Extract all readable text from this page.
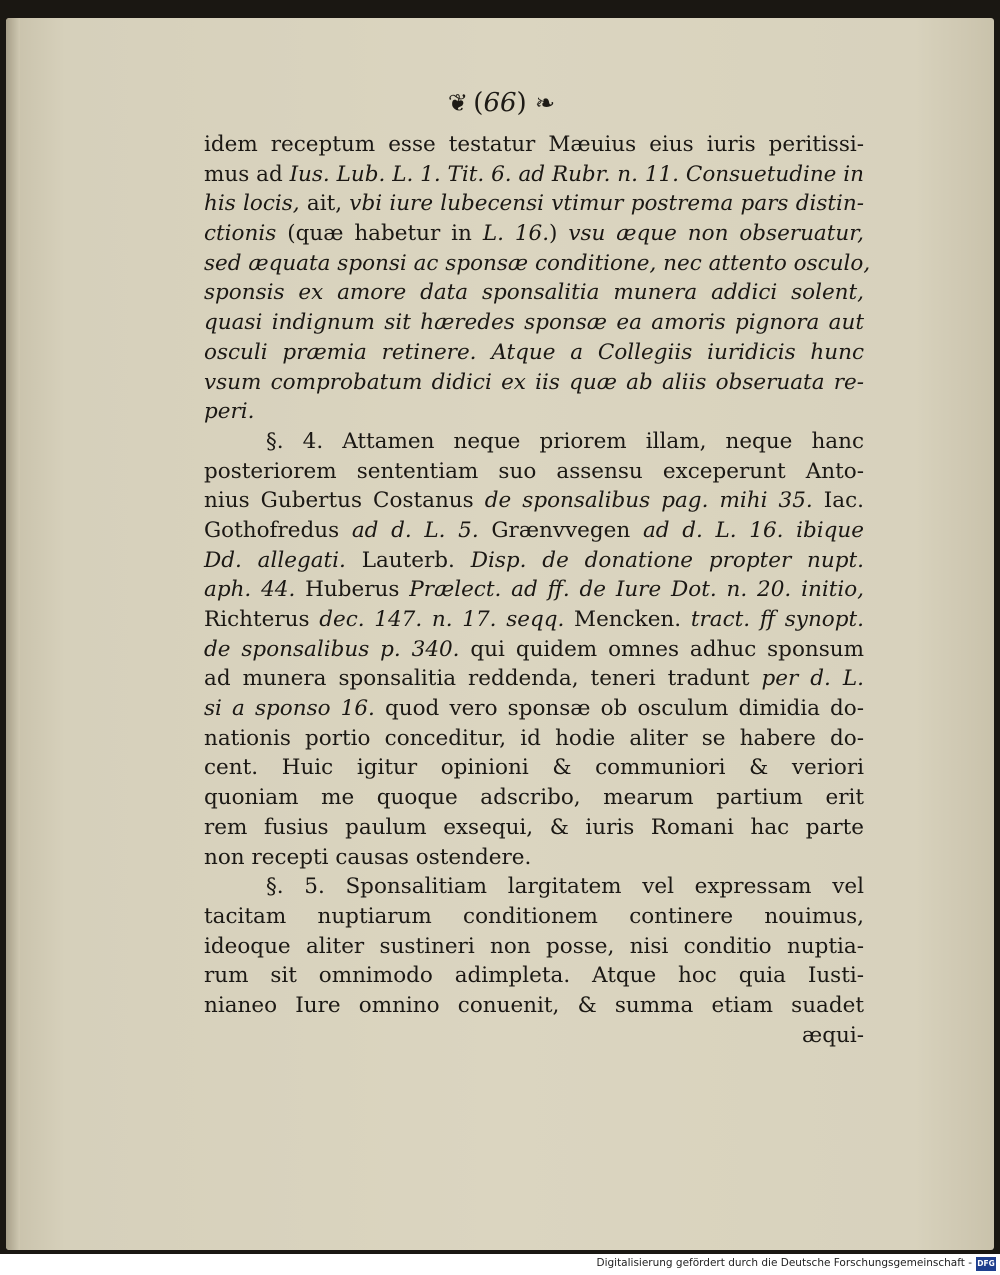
❦ (66) ❧
idem receptum esse testatur Mæuius eius iuris peritissi-
mus ad Ius. Lub. L. 1. Tit. 6. ad Rubr. n. 11. Consuetudine in
his locis, ait, vbi iure lubecensi vtimur postrema pars distin-
ctionis (quæ habetur in L. 16.) vsu æque non obseruatur,
sed æquata sponsi ac sponsæ conditione, nec attento osculo,
sponsis ex amore data sponsalitia munera addici solent,
quasi indignum sit hæredes sponsæ ea amoris pignora aut
osculi præmia retinere. Atque a Collegiis iuridicis hunc
vsum comprobatum didici ex iis quæ ab aliis obseruata re-
peri.
§. 4. Attamen neque priorem illam, neque hanc
posteriorem sententiam suo assensu exceperunt Anto-
nius Gubertus Costanus de sponsalibus pag. mihi 35. Iac.
Gothofredus ad d. L. 5. Grænvvegen ad d. L. 16. ibique
Dd. allegati. Lauterb. Disp. de donatione propter nupt.
aph. 44. Huberus Prælect. ad ff. de Iure Dot. n. 20. initio,
Richterus dec. 147. n. 17. seqq. Mencken. tract. ff synopt.
de sponsalibus p. 340. qui quidem omnes adhuc sponsum
ad munera sponsalitia reddenda, teneri tradunt per d. L.
si a sponso 16. quod vero sponsæ ob osculum dimidia do-
nationis portio conceditur, id hodie aliter se habere do-
cent. Huic igitur opinioni & communiori & veriori
quoniam me quoque adscribo, mearum partium erit
rem fusius paulum exsequi, & iuris Romani hac parte
non recepti causas ostendere.
§. 5. Sponsalitiam largitatem vel expressam vel
tacitam nuptiarum conditionem continere nouimus,
ideoque aliter sustineri non posse, nisi conditio nuptia-
rum sit omnimodo adimpleta. Atque hoc quia Iusti-
nianeo Iure omnino conuenit, & summa etiam suadet
æqui-
Digitalisierung gefördert durch die Deutsche Forschungsgemeinschaft - DFG
